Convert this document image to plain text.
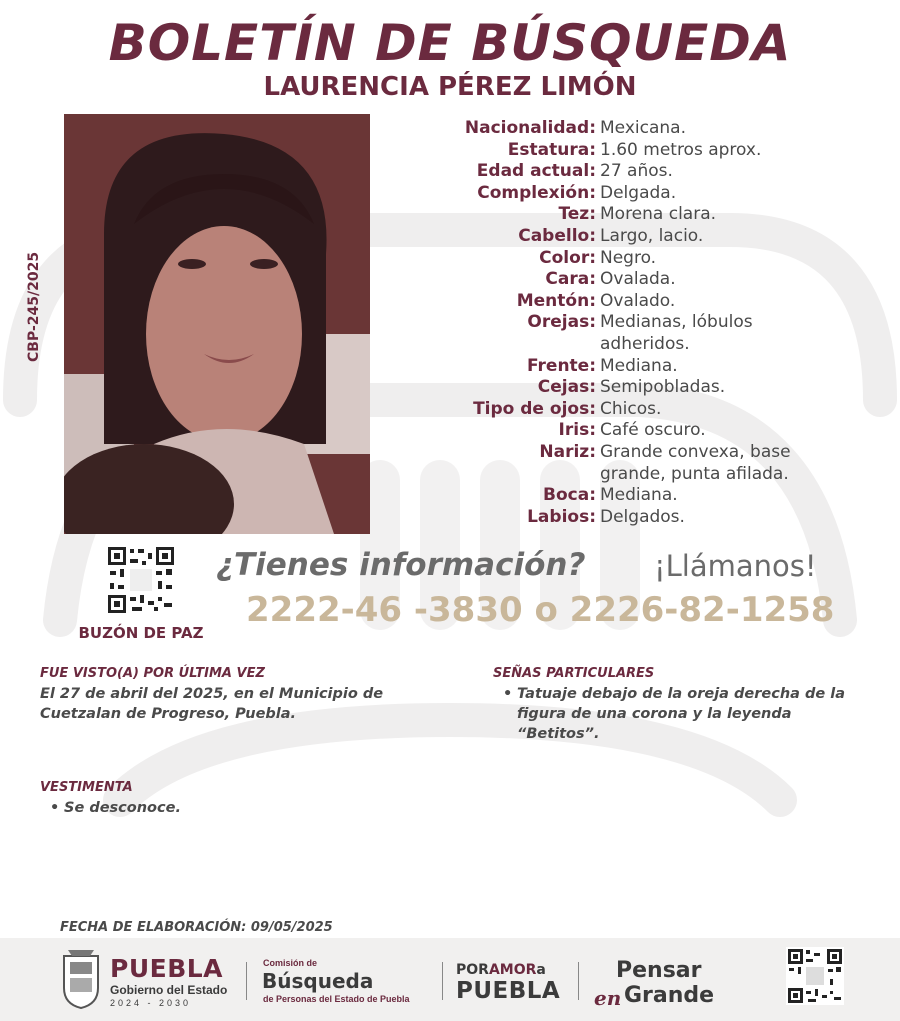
BOLETÍN DE BÚSQUEDA
LAURENCIA PÉREZ LIMÓN
CBP-245/2025
Nacionalidad: Mexicana.
Estatura: 1.60 metros aprox.
Edad actual: 27 años.
Complexión: Delgada.
Tez: Morena clara.
Cabello: Largo, lacio.
Color: Negro.
Cara: Ovalada.
Mentón: Ovalado.
Orejas: Medianas, lóbulos adheridos.
Frente: Mediana.
Cejas: Semipobladas.
Tipo de ojos: Chicos.
Iris: Café oscuro.
Nariz: Grande convexa, base grande, punta afilada.
Boca: Mediana.
Labios: Delgados.
BUZÓN DE PAZ
¿Tienes información? ¡Llámanos!
2222-46 -3830 o 2226-82-1258
FUE VISTO(A) POR ÚLTIMA VEZ
El 27 de abril del 2025, en el Municipio de Cuetzalan de Progreso, Puebla.
SEÑAS PARTICULARES
• Tatuaje debajo de la oreja derecha de la figura de una corona y la leyenda “Betitos”.
VESTIMENTA
• Se desconoce.
FECHA DE ELABORACIÓN: 09/05/2025
PUEBLA
Gobierno del Estado
2024 - 2030
Comisión de
Búsqueda
de Personas del Estado de Puebla
PORAMORa
PUEBLA
Pensar
en Grande
